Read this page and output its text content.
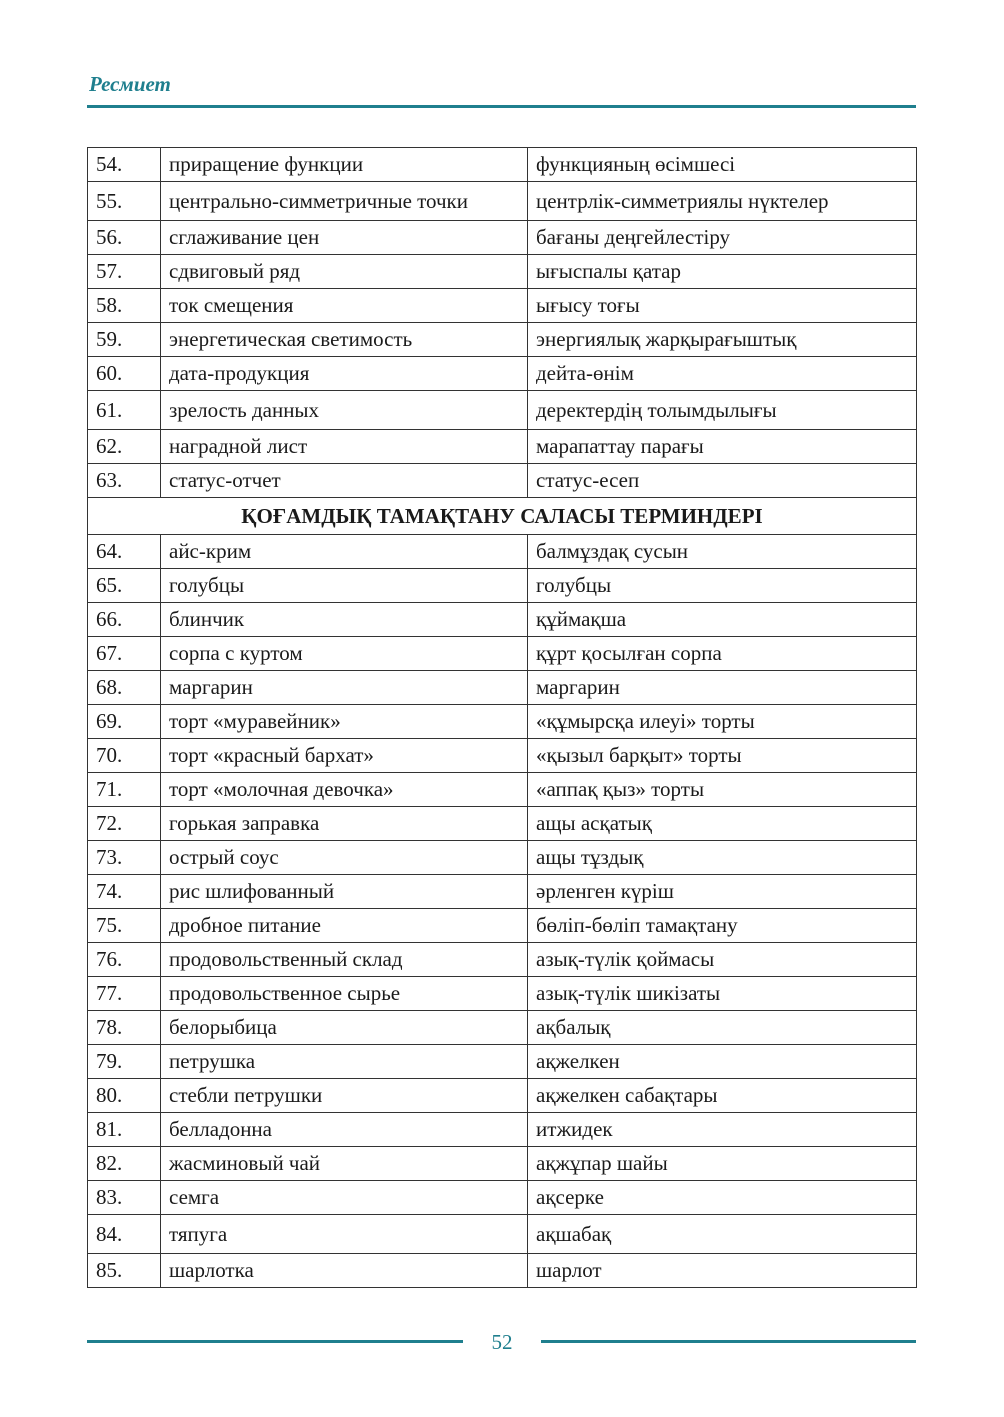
Ресмиет
54.	приращение функции	функцияның өсімшесі
55.	центрально-симметричные точки	центрлік-симметриялы нүктелер
56.	сглаживание цен	бағаны деңгейлестіру
57.	сдвиговый ряд	ығыспалы қатар
58.	ток смещения	ығысу тоғы
59.	энергетическая светимость	энергиялық жарқырағыштық
60.	дата-продукция	дейта-өнім
61.	зрелость данных	деректердің толымдылығы
62.	наградной лист	марапаттау парағы
63.	статус-отчет	статус-есеп
ҚОҒАМДЫҚ ТАМАҚТАНУ САЛАСЫ ТЕРМИНДЕРІ		
64.	айс-крим	балмұздақ сусын
65.	голубцы	голубцы
66.	блинчик	құймақша
67.	сорпа с куртом	құрт қосылған сорпа
68.	маргарин	маргарин
69.	торт «муравейник»	«құмырсқа илеуі» торты
70.	торт «красный бархат»	«қызыл барқыт» торты
71.	торт «молочная девочка»	«аппақ қыз» торты
72.	горькая заправка	ащы асқатық
73.	острый соус	ащы тұздық
74.	рис шлифованный	әрленген күріш
75.	дробное питание	бөліп-бөліп тамақтану
76.	продовольственный склад	азық-түлік қоймасы
77.	продовольственное сырье	азық-түлік шикізаты
78.	белорыбица	ақбалық
79.	петрушка	ақжелкен
80.	стебли петрушки	ақжелкен сабақтары
81.	белладонна	итжидек
82.	жасминовый чай	ақжұпар шайы
83.	семга	ақсерке
84.	тяпуга	ақшабақ
85.	шарлотка	шарлот
52
